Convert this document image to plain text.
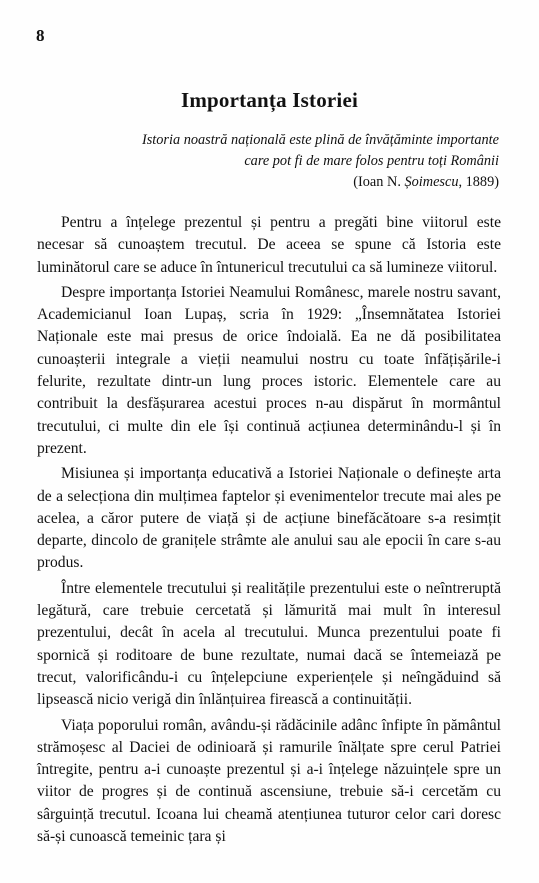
8
Importanța Istoriei
Istoria noastră națională este plină de învățăminte importante care pot fi de mare folos pentru toți Românii
(Ioan N. Șoimescu, 1889)

Pentru a înțelege prezentul și pentru a pregăti bine viitorul este necesar să cunoaștem trecutul. De aceea se spune că Istoria este luminătorul care se aduce în întunericul trecutului ca să lumineze viitorul.

Despre importanța Istoriei Neamului Românesc, marele nostru savant, Academicianul Ioan Lupaș, scria în 1929: „Însemnătatea Istoriei Naționale este mai presus de orice îndoială. Ea ne dă posibilitatea cunoașterii integrale a vieții neamului nostru cu toate înfățișările-i felurite, rezultate dintr-un lung proces istoric. Elementele care au contribuit la desfășurarea acestui proces n-au dispărut în mormântul trecutului, ci multe din ele își continuă acțiunea determinându-l și în prezent.

Misiunea și importanța educativă a Istoriei Naționale o definește arta de a selecționa din mulțimea faptelor și evenimentelor trecute mai ales pe acelea, a căror putere de viață și de acțiune binefăcătoare s-a resimțit departe, dincolo de granițele strâmte ale anului sau ale epocii în care s-au produs.

Între elementele trecutului și realitățile prezentului este o neîntreruptă legătură, care trebuie cercetată și lămurită mai mult în interesul prezentului, decât în acela al trecutului. Munca prezentului poate fi spornică și roditoare de bune rezultate, numai dacă se întemeiază pe trecut, valorificându-i cu înțelepciune experiențele și neîngăduind să lipsească nicio verigă din înlănțuirea firească a continuității.

Viața poporului român, avându-și rădăcinile adânc înfipte în pământul strămoșesc al Daciei de odinioară și ramurile înălțate spre cerul Patriei întregite, pentru a-i cunoaște prezentul și a-i înțelege năzuințele spre un viitor de progres și de continuă ascensiune, trebuie să-i cercetăm cu sârguință trecutul. Icoana lui cheamă atențiunea tuturor celor cari doresc să-și cunoască temeinic țara și
